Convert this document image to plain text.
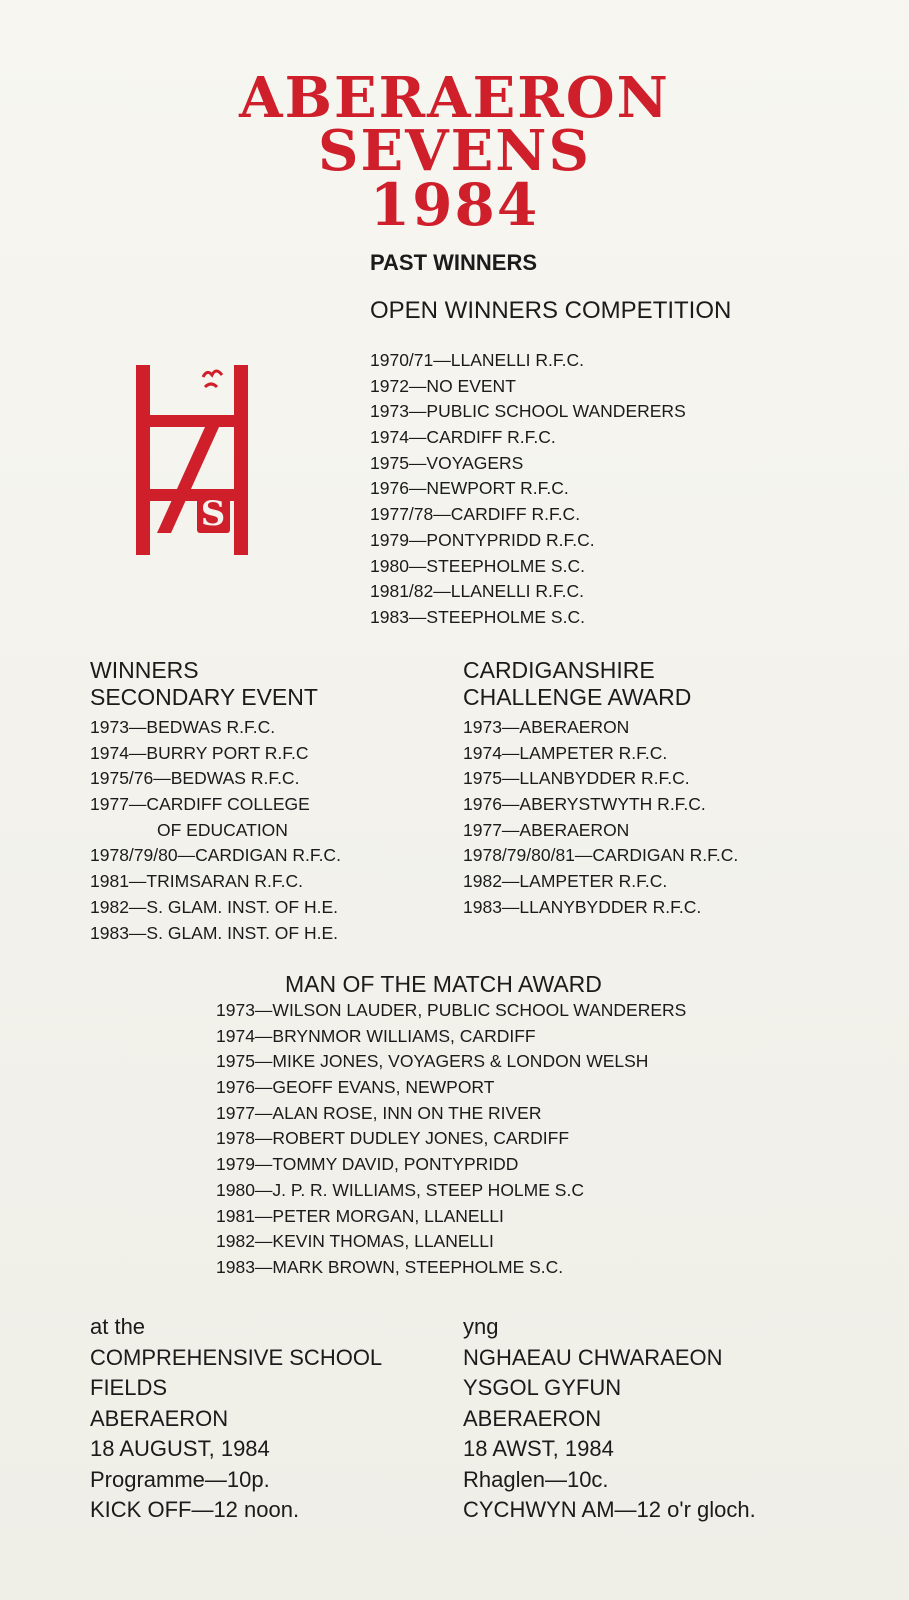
ABERAERON
SEVENS
1984
S
PAST WINNERS
OPEN WINNERS COMPETITION
1970/71—LLANELLI R.F.C.
1972—NO EVENT
1973—PUBLIC SCHOOL WANDERERS
1974—CARDIFF R.F.C.
1975—VOYAGERS
1976—NEWPORT R.F.C.
1977/78—CARDIFF R.F.C.
1979—PONTYPRIDD R.F.C.
1980—STEEPHOLME S.C.
1981/82—LLANELLI R.F.C.
1983—STEEPHOLME S.C.
WINNERS
SECONDARY EVENT
CARDIGANSHIRE
CHALLENGE AWARD
1973—BEDWAS R.F.C.
1974—BURRY PORT R.F.C
1975/76—BEDWAS R.F.C.
1977—CARDIFF COLLEGE
OF EDUCATION
1978/79/80—CARDIGAN R.F.C.
1981—TRIMSARAN R.F.C.
1982—S. GLAM. INST. OF H.E.
1983—S. GLAM. INST. OF H.E.
1973—ABERAERON
1974—LAMPETER R.F.C.
1975—LLANBYDDER R.F.C.
1976—ABERYSTWYTH R.F.C.
1977—ABERAERON
1978/79/80/81—CARDIGAN R.F.C.
1982—LAMPETER R.F.C.
1983—LLANYBYDDER R.F.C.
MAN OF THE MATCH AWARD
1973—WILSON LAUDER, PUBLIC SCHOOL WANDERERS
1974—BRYNMOR WILLIAMS, CARDIFF
1975—MIKE JONES, VOYAGERS & LONDON WELSH
1976—GEOFF EVANS, NEWPORT
1977—ALAN ROSE, INN ON THE RIVER
1978—ROBERT DUDLEY JONES, CARDIFF
1979—TOMMY DAVID, PONTYPRIDD
1980—J. P. R. WILLIAMS, STEEP HOLME S.C
1981—PETER MORGAN, LLANELLI
1982—KEVIN THOMAS, LLANELLI
1983—MARK BROWN, STEEPHOLME S.C.
at the
COMPREHENSIVE SCHOOL
FIELDS
ABERAERON
18 AUGUST, 1984
Programme—10p.
KICK OFF—12 noon.
yng
NGHAEAU CHWARAEON
YSGOL GYFUN
ABERAERON
18 AWST, 1984
Rhaglen—10c.
CYCHWYN AM—12 o'r gloch.
